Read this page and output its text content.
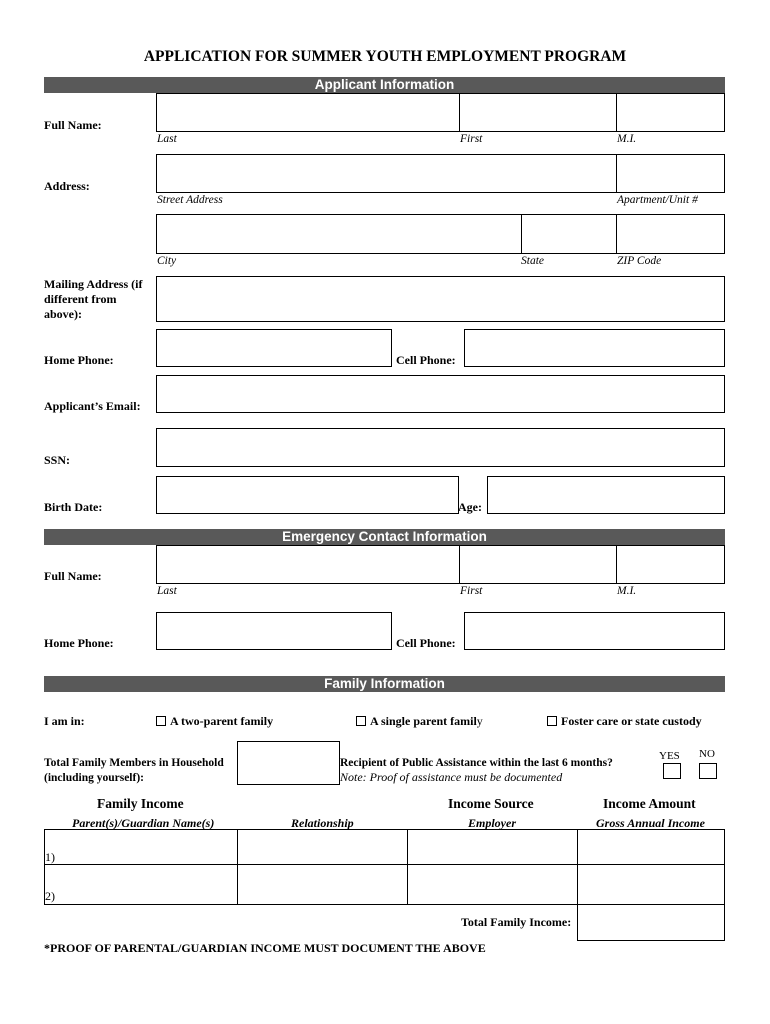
APPLICATION FOR SUMMER YOUTH EMPLOYMENT PROGRAM
Applicant Information
Full Name:
Last	First	M.I.
Address:
Street Address	Apartment/Unit #
City	State	ZIP Code
Mailing Address (if
different from
above):
Home Phone:	Cell Phone:
Applicant’s Email:
SSN:
Birth Date:	Age:
Emergency Contact Information
Full Name:
Last	First	M.I.
Home Phone:	Cell Phone:
Family Information
I am in:	A two-parent family	A single parent family	Foster care or state custody
Total Family Members in Household
(including yourself):
Recipient of Public Assistance within the last 6 months?
Note: Proof of assistance must be documented
YES NO
Family Income	Income Source	Income Amount
Parent(s)/Guardian Name(s)	Relationship	Employer	Gross Annual Income
1)
2)
Total Family Income:
*PROOF OF PARENTAL/GUARDIAN INCOME MUST DOCUMENT THE ABOVE
